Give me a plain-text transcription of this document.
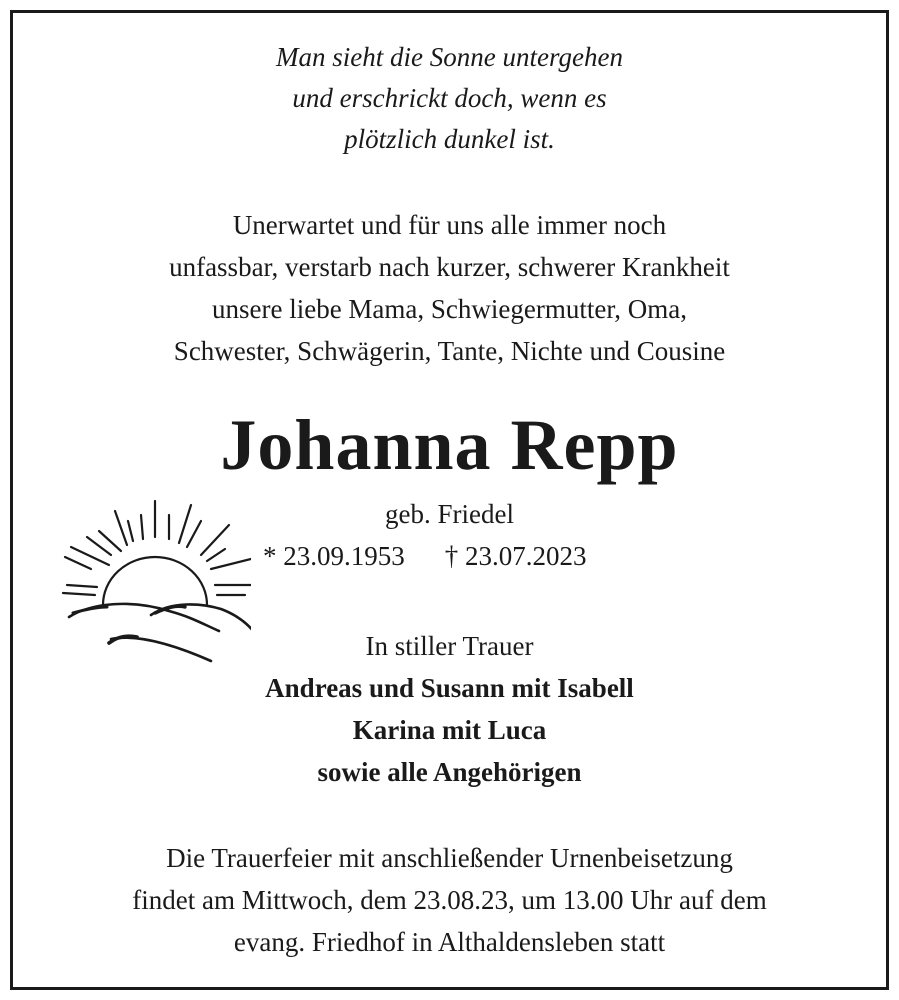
Man sieht die Sonne untergehen
und erschrickt doch, wenn es
plötzlich dunkel ist.
Unerwartet und für uns alle immer noch
unfassbar, verstarb nach kurzer, schwerer Krankheit
unsere liebe Mama, Schwiegermutter, Oma,
Schwester, Schwägerin, Tante, Nichte und Cousine
Johanna Repp
geb. Friedel
* 23.09.1953 † 23.07.2023
In stiller Trauer
Andreas und Susann mit Isabell
Karina mit Luca
sowie alle Angehörigen
Die Trauerfeier mit anschließender Urnenbeisetzung
findet am Mittwoch, dem 23.08.23, um 13.00 Uhr auf dem
evang. Friedhof in Althaldensleben statt
